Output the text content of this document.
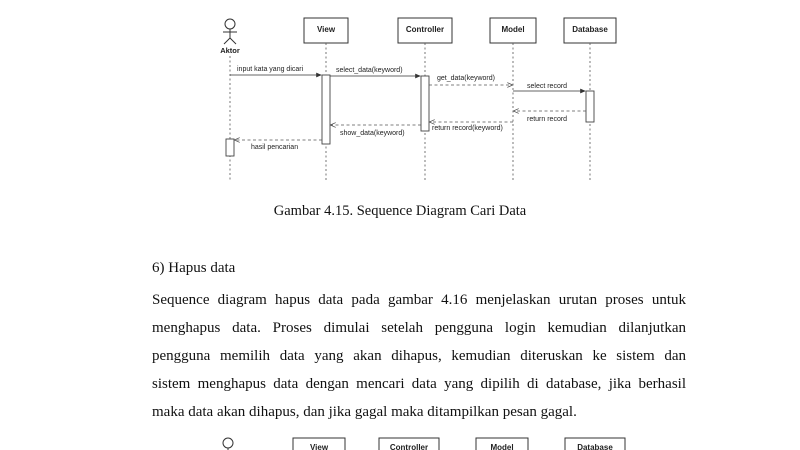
Aktor
View	Controller	Model	Database
input kata yang dicari	select_data(keyword)
get_data(keyword)
select record
return record
return record(keyword)
show_data(keyword)
hasil pencarian
View	Controller	Model	Database
Gambar 4.15. Sequence Diagram Cari Data
6) Hapus data
Sequence diagram hapus data pada gambar 4.16 menjelaskan urutan proses untuk
menghapus data. Proses dimulai setelah pengguna login kemudian dilanjutkan
pengguna memilih data yang akan dihapus, kemudian diteruskan ke sistem dan
sistem menghapus data dengan mencari data yang dipilih di database, jika berhasil
maka data akan dihapus, dan jika gagal maka ditampilkan pesan gagal.
